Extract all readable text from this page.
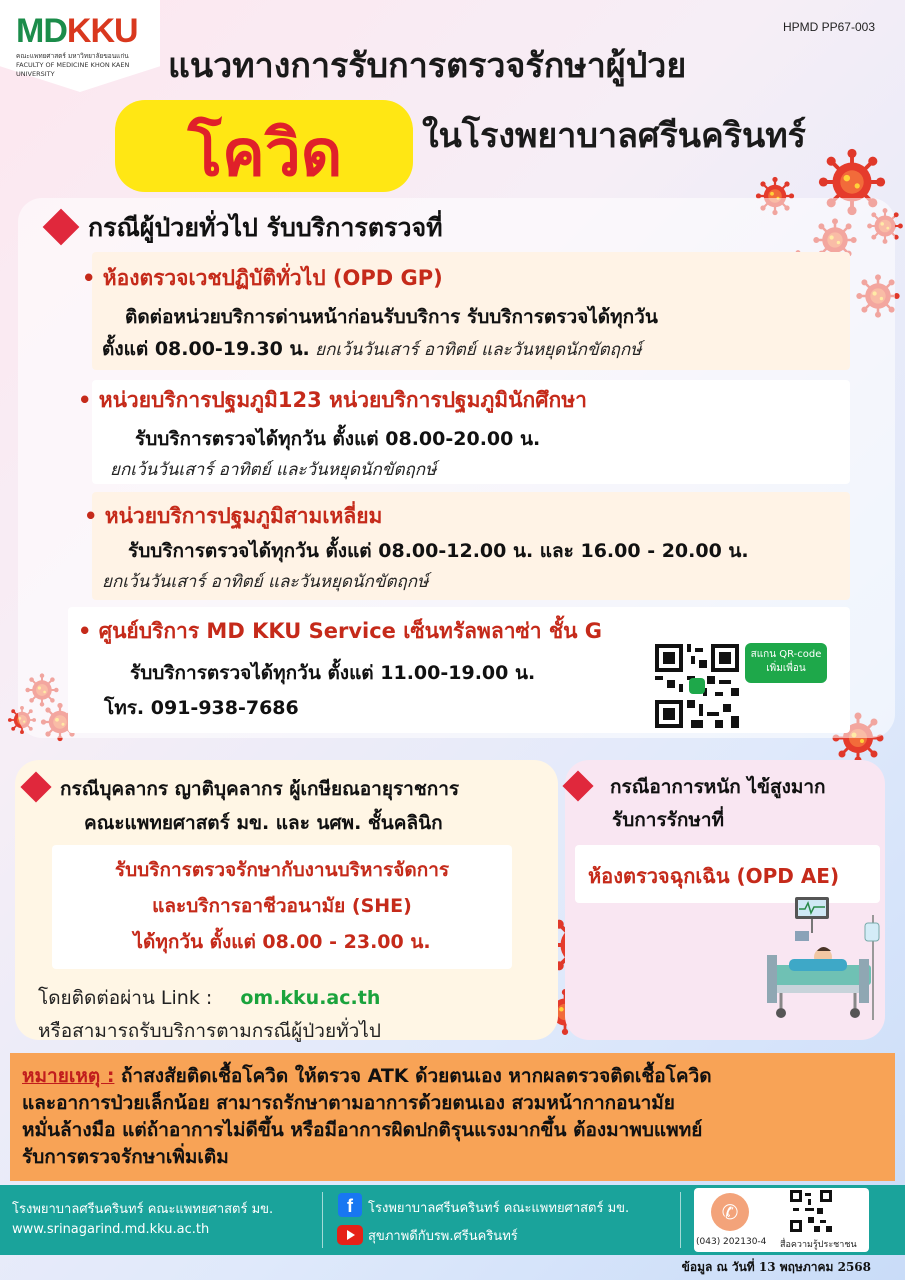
MDKKU
คณะแพทยศาสตร์ มหาวิทยาลัยขอนแก่น
FACULTY OF MEDICINE KHON KAEN UNIVERSITY
HPMD PP67-003
แนวทางการรับการตรวจรักษาผู้ป่วย
โควิด	ในโรงพยาบาลศรีนครินทร์
กรณีผู้ป่วยทั่วไป รับบริการตรวจที่
• ห้องตรวจเวชปฏิบัติทั่วไป (OPD GP)
ติดต่อหน่วยบริการด่านหน้าก่อนรับบริการ รับบริการตรวจได้ทุกวัน
ตั้งแต่ 08.00-19.30 น. ยกเว้นวันเสาร์ อาทิตย์ และวันหยุดนักขัตฤกษ์
• หน่วยบริการปฐมภูมิ123 หน่วยบริการปฐมภูมินักศึกษา
รับบริการตรวจได้ทุกวัน ตั้งแต่ 08.00-20.00 น.
ยกเว้นวันเสาร์ อาทิตย์ และวันหยุดนักขัตฤกษ์
• หน่วยบริการปฐมภูมิสามเหลี่ยม
รับบริการตรวจได้ทุกวัน ตั้งแต่ 08.00-12.00 น. และ 16.00 - 20.00 น.
ยกเว้นวันเสาร์ อาทิตย์ และวันหยุดนักขัตฤกษ์
• ศูนย์บริการ MD KKU Service เซ็นทรัลพลาซ่า ชั้น G
รับบริการตรวจได้ทุกวัน ตั้งแต่ 11.00-19.00 น.
โทร. 091-938-7686
สแกน QR-code
เพิ่มเพื่อน
กรณีบุคลากร ญาติบุคลากร ผู้เกษียณอายุราชการ
คณะแพทยศาสตร์ มข. และ นศพ. ชั้นคลินิก
รับบริการตรวจรักษากับงานบริหารจัดการ
และบริการอาชีวอนามัย (SHE)
ได้ทุกวัน ตั้งแต่ 08.00 - 23.00 น.
โดยติดต่อผ่าน Link : om.kku.ac.th
หรือสามารถรับบริการตามกรณีผู้ป่วยทั่วไป
กรณีอาการหนัก ไข้สูงมาก
รับการรักษาที่
ห้องตรวจฉุกเฉิน (OPD AE)
หมายเหตุ : ถ้าสงสัยติดเชื้อโควิด ให้ตรวจ ATK ด้วยตนเอง หากผลตรวจติดเชื้อโควิด
และอาการป่วยเล็กน้อย สามารถรักษาตามอาการด้วยตนเอง สวมหน้ากากอนามัย
หมั่นล้างมือ แต่ถ้าอาการไม่ดีขึ้น หรือมีอาการผิดปกติรุนแรงมากขึ้น ต้องมาพบแพทย์
รับการตรวจรักษาเพิ่มเติม
โรงพยาบาลศรีนครินทร์ คณะแพทยศาสตร์ มข.
www.srinagarind.md.kku.ac.th
f	โรงพยาบาลศรีนครินทร์ คณะแพทยศาสตร์ มข.
สุขภาพดีกับรพ.ศรีนครินทร์
✆
(043) 202130-4 สื่อความรู้ประชาชน
ข้อมูล ณ วันที่ 13 พฤษภาคม 2568
